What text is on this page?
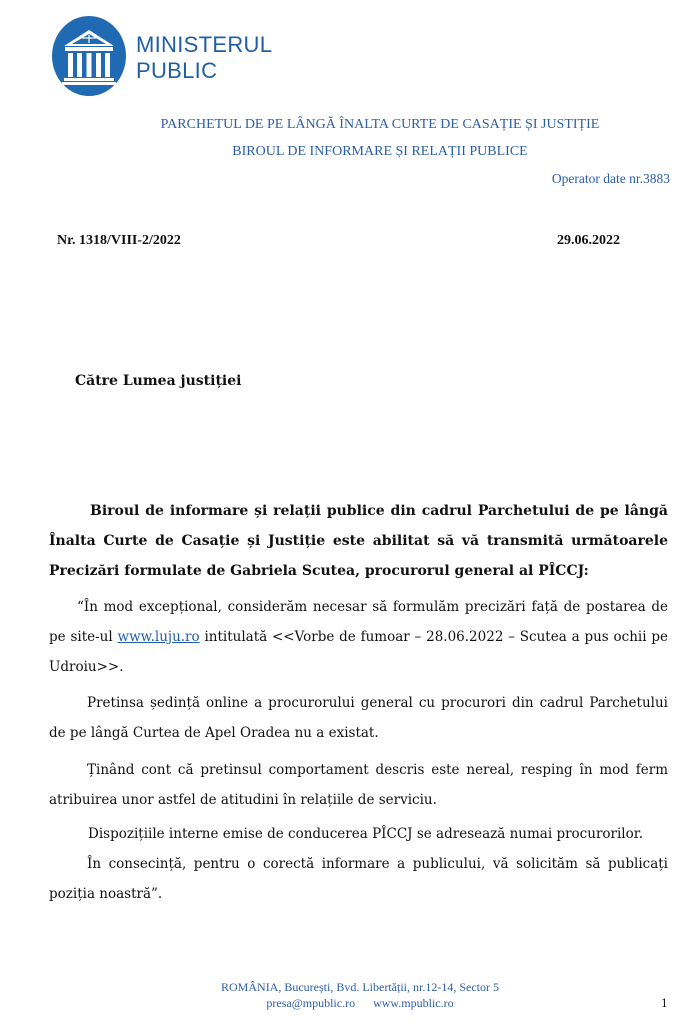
MINISTERUL
PUBLIC
PARCHETUL DE PE LÂNGĂ ÎNALTA CURTE DE CASAȚIE ȘI JUSTIȚIE
BIROUL DE INFORMARE ȘI RELAȚII PUBLICE
Operator date nr.3883
Nr. 1318/VIII-2/2022	29.06.2022
Către Lumea justiției
Biroul de informare și relații publice din cadrul Parchetului de pe lângă Înalta Curte de Casație și Justiție este abilitat să vă transmită următoarele Precizări formulate de Gabriela Scutea, procurorul general al PÎCCJ:
“În mod excepțional, considerăm necesar să formulăm precizări față de postarea de pe site-ul www.luju.ro intitulată <<Vorbe de fumoar – 28.06.2022 – Scutea a pus ochii pe Udroiu>>.
Pretinsa ședință online a procurorului general cu procurori din cadrul Parchetului de pe lângă Curtea de Apel Oradea nu a existat.
Ținând cont că pretinsul comportament descris este nereal, resping în mod ferm atribuirea unor astfel de atitudini în relațiile de serviciu.
Dispozițiile interne emise de conducerea PÎCCJ se adresează numai procurorilor.
În consecință, pentru o corectă informare a publicului, vă solicităm să publicați poziția noastră”.
ROMÂNIA, București, Bvd. Libertății, nr.12-14, Sector 5
presa@mpublic.ro www.mpublic.ro	1
